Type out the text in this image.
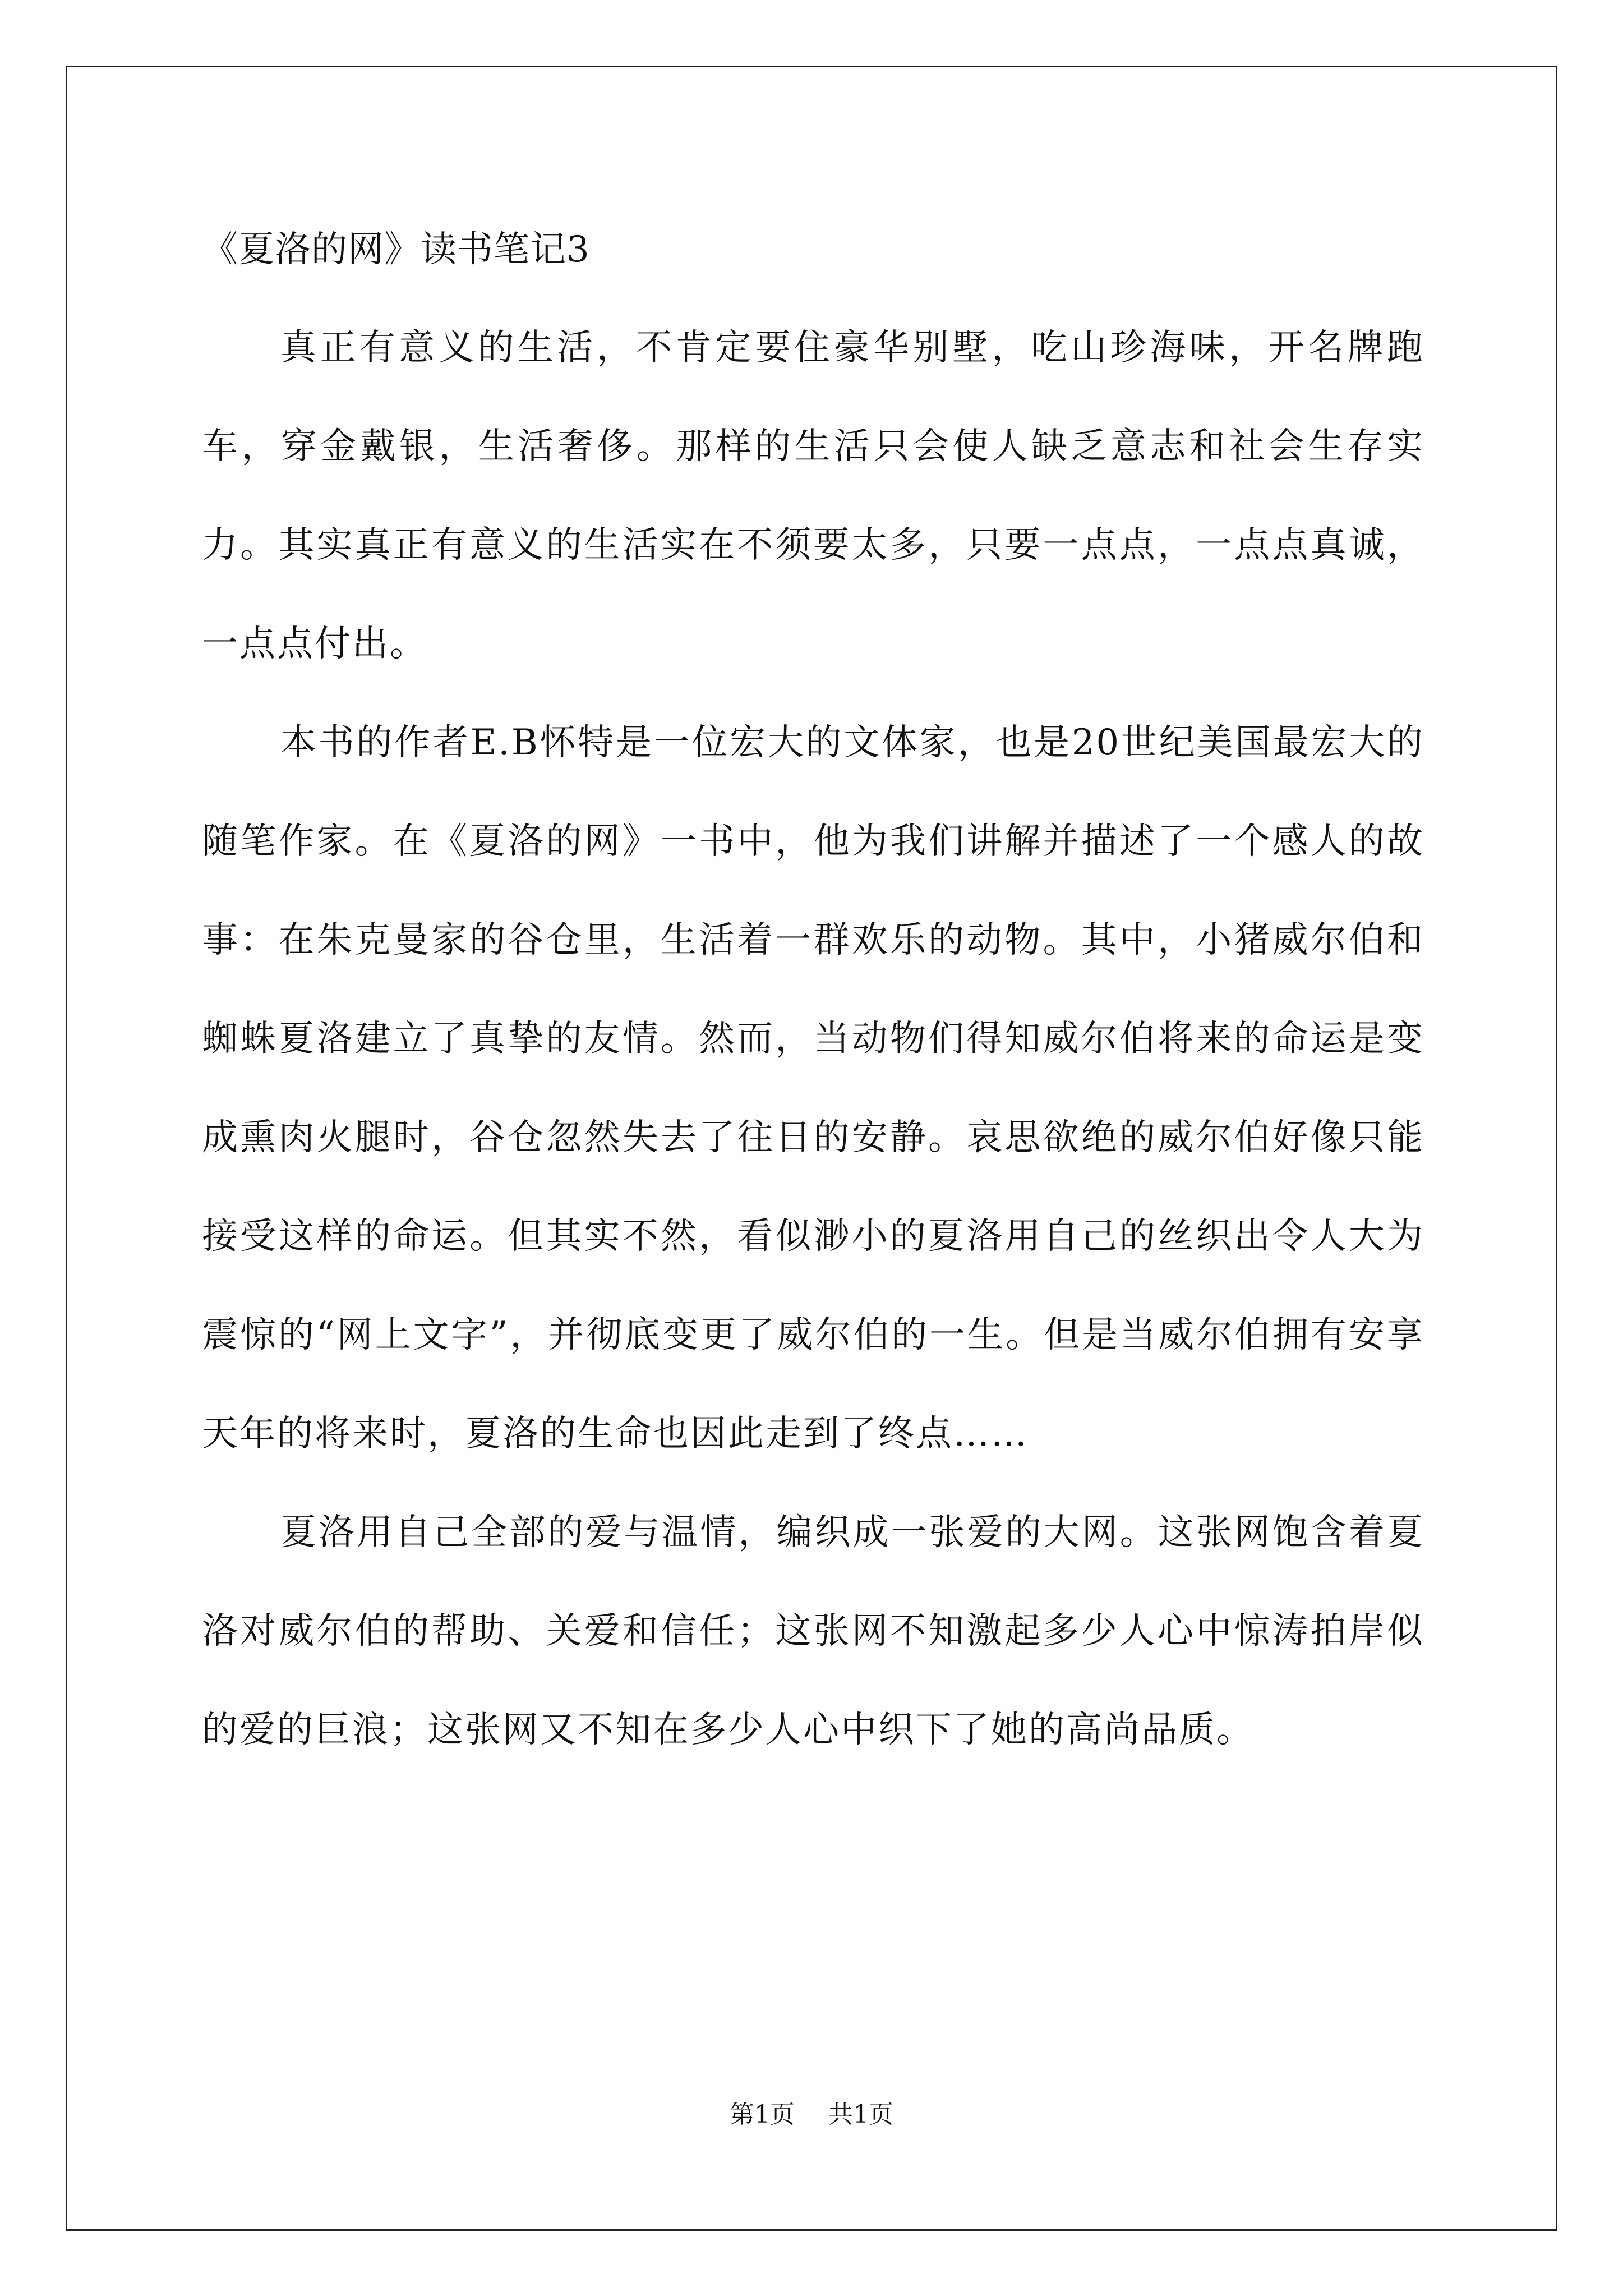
《夏洛的网》读书笔记3

真正有意义的生活，不肯定要住豪华别墅，吃山珍海味，开名牌跑车，穿金戴银，生活奢侈。那样的生活只会使人缺乏意志和社会生存实力。其实真正有意义的生活实在不须要太多，只要一点点，一点点真诚，一点点付出。

本书的作者E.B怀特是一位宏大的文体家，也是20世纪美国最宏大的随笔作家。在《夏洛的网》一书中，他为我们讲解并描述了一个感人的故事：在朱克曼家的谷仓里，生活着一群欢乐的动物。其中，小猪威尔伯和蜘蛛夏洛建立了真挚的友情。然而，当动物们得知威尔伯将来的命运是变成熏肉火腿时，谷仓忽然失去了往日的安静。哀思欲绝的威尔伯好像只能接受这样的命运。但其实不然，看似渺小的夏洛用自己的丝织出令人大为震惊的“网上文字”，并彻底变更了威尔伯的一生。但是当威尔伯拥有安享天年的将来时，夏洛的生命也因此走到了终点……

夏洛用自己全部的爱与温情，编织成一张爱的大网。这张网饱含着夏洛对威尔伯的帮助、关爱和信任；这张网不知激起多少人心中惊涛拍岸似的爱的巨浪；这张网又不知在多少人心中织下了她的高尚品质。

第1页 共1页
